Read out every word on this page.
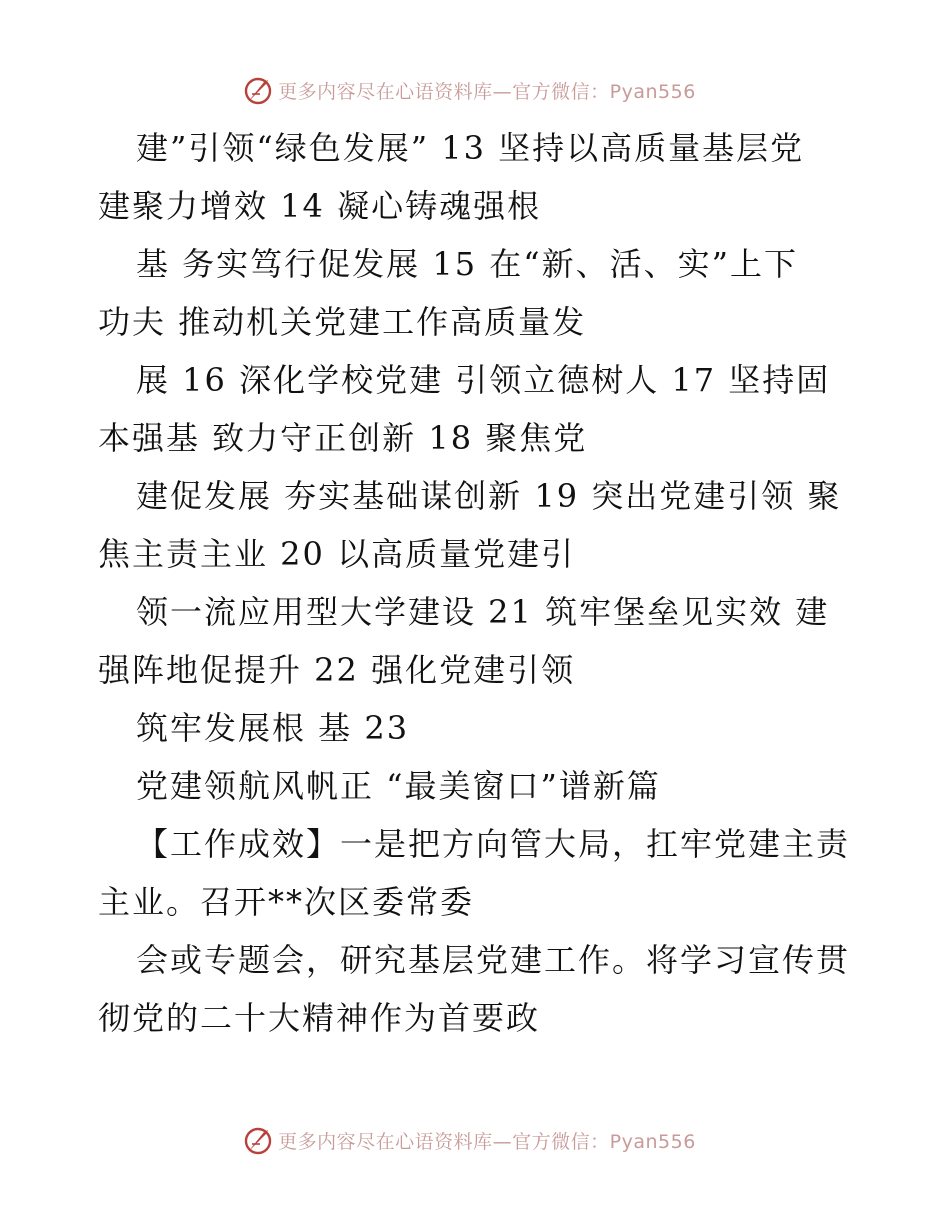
更多内容尽在心语资料库—官方微信：Pyan556
建”引领“绿色发展” 13 坚持以高质量基层党
建聚力增效 14 凝心铸魂强根
基 务实笃行促发展 15 在“新、活、实”上下
功夫 推动机关党建工作高质量发
展 16 深化学校党建 引领立德树人 17 坚持固
本强基 致力守正创新 18 聚焦党
建促发展 夯实基础谋创新 19 突出党建引领 聚
焦主责主业 20 以高质量党建引
领一流应用型大学建设 21 筑牢堡垒见实效 建
强阵地促提升 22 强化党建引领
筑牢发展根 基 23
党建领航风帆正 “最美窗口”谱新篇
【工作成效】一是把方向管大局，扛牢党建主责
主业。召开**次区委常委
会或专题会，研究基层党建工作。将学习宣传贯
彻党的二十大精神作为首要政
更多内容尽在心语资料库—官方微信：Pyan556
